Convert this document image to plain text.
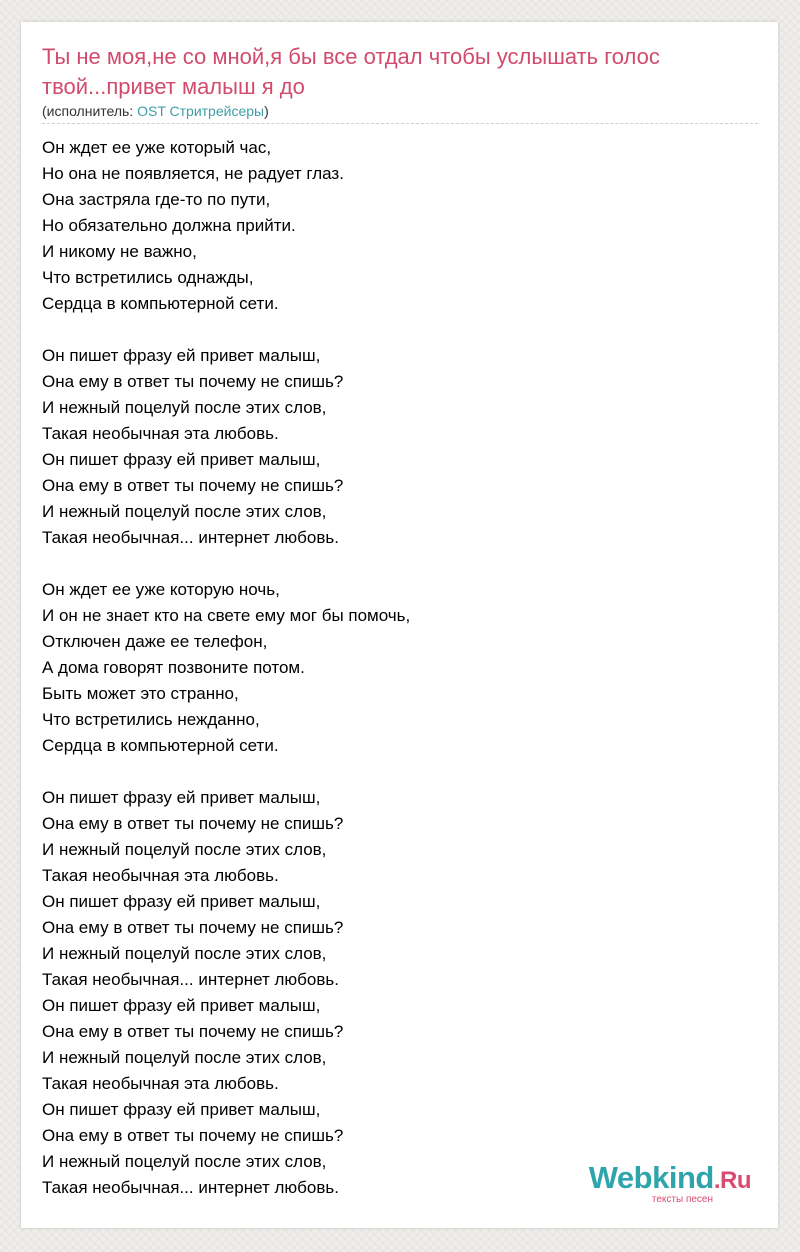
Ты не моя,не со мной,я бы все отдал чтобы услышать голос твой...привет малыш я до
(исполнитель: OST Стритрейсеры)
Он ждет ее уже который час,
Но она не появляется, не радует глаз.
Она застряла где-то по пути,
Но обязательно должна прийти.
И никому не важно,
Что встретились однажды,
Сердца в компьютерной сети.
Он пишет фразу ей привет малыш,
Она ему в ответ ты почему не спишь?
И нежный поцелуй после этих слов,
Такая необычная эта любовь.
Он пишет фразу ей привет малыш,
Она ему в ответ ты почему не спишь?
И нежный поцелуй после этих слов,
Такая необычная... интернет любовь.
Он ждет ее уже которую ночь,
И он не знает кто на свете ему мог бы помочь,
Отключен даже ее телефон,
А дома говорят позвоните потом.
Быть может это странно,
Что встретились нежданно,
Сердца в компьютерной сети.
Он пишет фразу ей привет малыш,
Она ему в ответ ты почему не спишь?
И нежный поцелуй после этих слов,
Такая необычная эта любовь.
Он пишет фразу ей привет малыш,
Она ему в ответ ты почему не спишь?
И нежный поцелуй после этих слов,
Такая необычная... интернет любовь.
Он пишет фразу ей привет малыш,
Она ему в ответ ты почему не спишь?
И нежный поцелуй после этих слов,
Такая необычная эта любовь.
Он пишет фразу ей привет малыш,
Она ему в ответ ты почему не спишь?
И нежный поцелуй после этих слов,
Такая необычная... интернет любовь.	Webkind.Ru
тексты песен
